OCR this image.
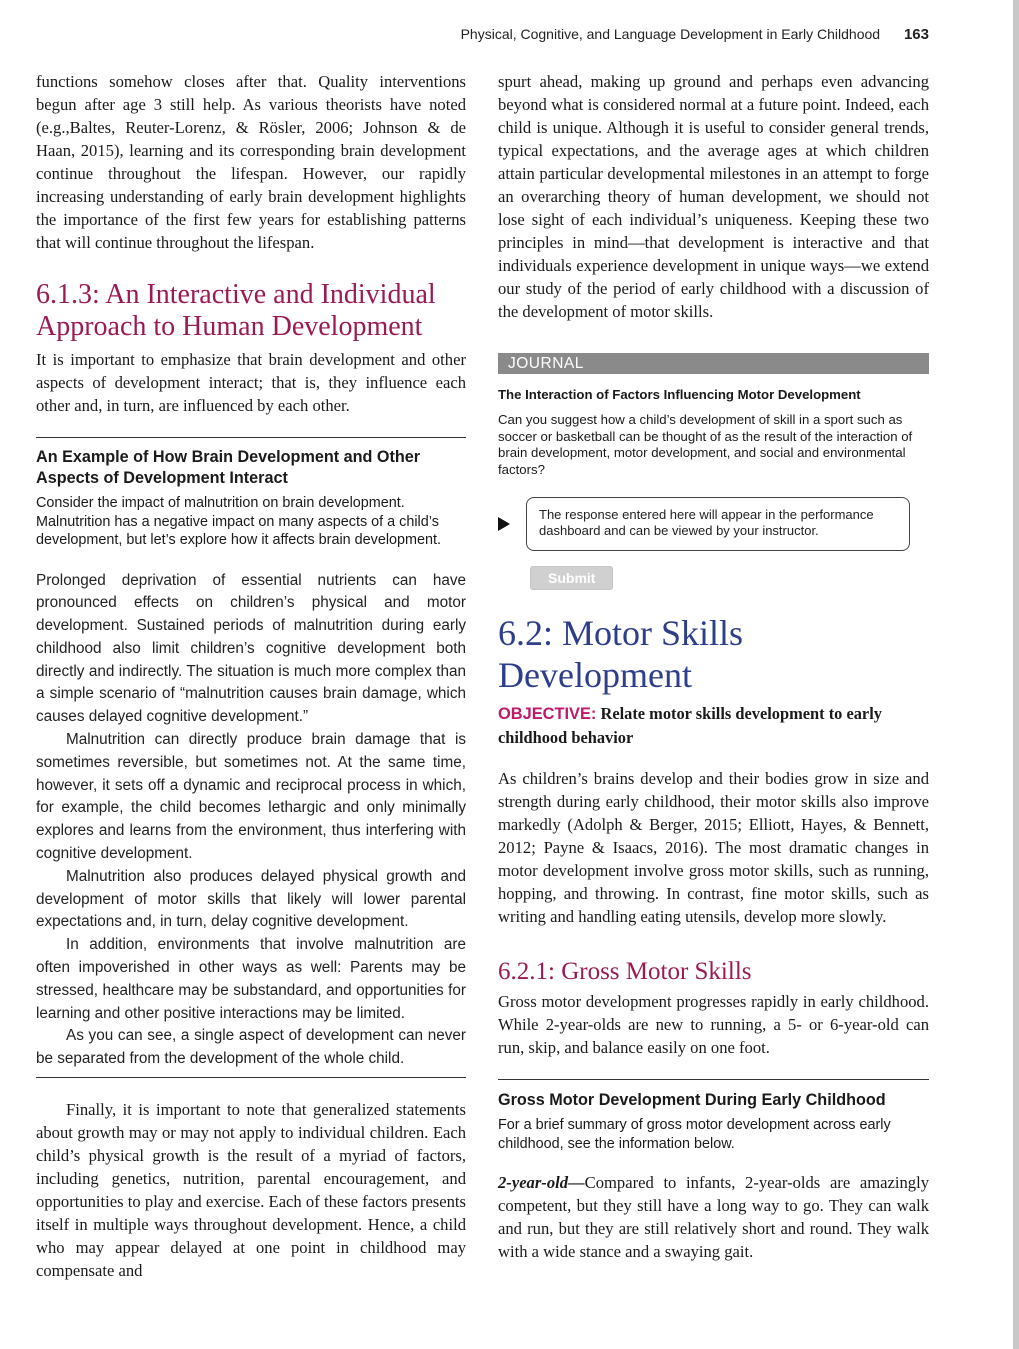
Physical, Cognitive, and Language Development in Early Childhood 163

functions somehow closes after that. Quality interventions begun after age 3 still help. As various theorists have noted (e.g.,Baltes, Reuter-Lorenz, & Rösler, 2006; Johnson & de Haan, 2015), learning and its corresponding brain development continue throughout the lifespan. However, our rapidly increasing understanding of early brain development highlights the importance of the first few years for establishing patterns that will continue throughout the lifespan.

6.1.3: An Interactive and Individual Approach to Human Development

It is important to emphasize that brain development and other aspects of development interact; that is, they influence each other and, in turn, are influenced by each other.

An Example of How Brain Development and Other Aspects of Development Interact

Consider the impact of malnutrition on brain development. Malnutrition has a negative impact on many aspects of a child’s development, but let’s explore how it affects brain development.

Prolonged deprivation of essential nutrients can have pronounced effects on children’s physical and motor development. Sustained periods of malnutrition during early childhood also limit children’s cognitive development both directly and indirectly. The situation is much more complex than a simple scenario of “malnutrition causes brain damage, which causes delayed cognitive development.”

Malnutrition can directly produce brain damage that is sometimes reversible, but sometimes not. At the same time, however, it sets off a dynamic and reciprocal process in which, for example, the child becomes lethargic and only minimally explores and learns from the environment, thus interfering with cognitive development.

Malnutrition also produces delayed physical growth and development of motor skills that likely will lower parental expectations and, in turn, delay cognitive development.

In addition, environments that involve malnutrition are often impoverished in other ways as well: Parents may be stressed, healthcare may be substandard, and opportunities for learning and other positive interactions may be limited.

As you can see, a single aspect of development can never be separated from the development of the whole child.

Finally, it is important to note that generalized statements about growth may or may not apply to individual children. Each child’s physical growth is the result of a myriad of factors, including genetics, nutrition, parental encouragement, and opportunities to play and exercise. Each of these factors presents itself in multiple ways throughout development. Hence, a child who may appear delayed at one point in childhood may compensate and

spurt ahead, making up ground and perhaps even advancing beyond what is considered normal at a future point. Indeed, each child is unique. Although it is useful to consider general trends, typical expectations, and the average ages at which children attain particular developmental milestones in an attempt to forge an overarching theory of human development, we should not lose sight of each individual’s uniqueness. Keeping these two principles in mind—that development is interactive and that individuals experience development in unique ways—we extend our study of the period of early childhood with a discussion of the development of motor skills.

JOURNAL

The Interaction of Factors Influencing Motor Development

Can you suggest how a child’s development of skill in a sport such as soccer or basketball can be thought of as the result of the interaction of brain development, motor development, and social and environmental factors?

The response entered here will appear in the performance dashboard and can be viewed by your instructor.
Submit
6.2: Motor Skills Development

OBJECTIVE: Relate motor skills development to early childhood behavior

As children’s brains develop and their bodies grow in size and strength during early childhood, their motor skills also improve markedly (Adolph & Berger, 2015; Elliott, Hayes, & Bennett, 2012; Payne & Isaacs, 2016). The most dramatic changes in motor development involve gross motor skills, such as running, hopping, and throwing. In contrast, fine motor skills, such as writing and handling eating utensils, develop more slowly.

6.2.1: Gross Motor Skills

Gross motor development progresses rapidly in early childhood. While 2-year-olds are new to running, a 5- or 6-year-old can run, skip, and balance easily on one foot.

Gross Motor Development During Early Childhood

For a brief summary of gross motor development across early childhood, see the information below.

2-year-old—Compared to infants, 2-year-olds are amazingly competent, but they still have a long way to go. They can walk and run, but they are still relatively short and round. They walk with a wide stance and a swaying gait.
